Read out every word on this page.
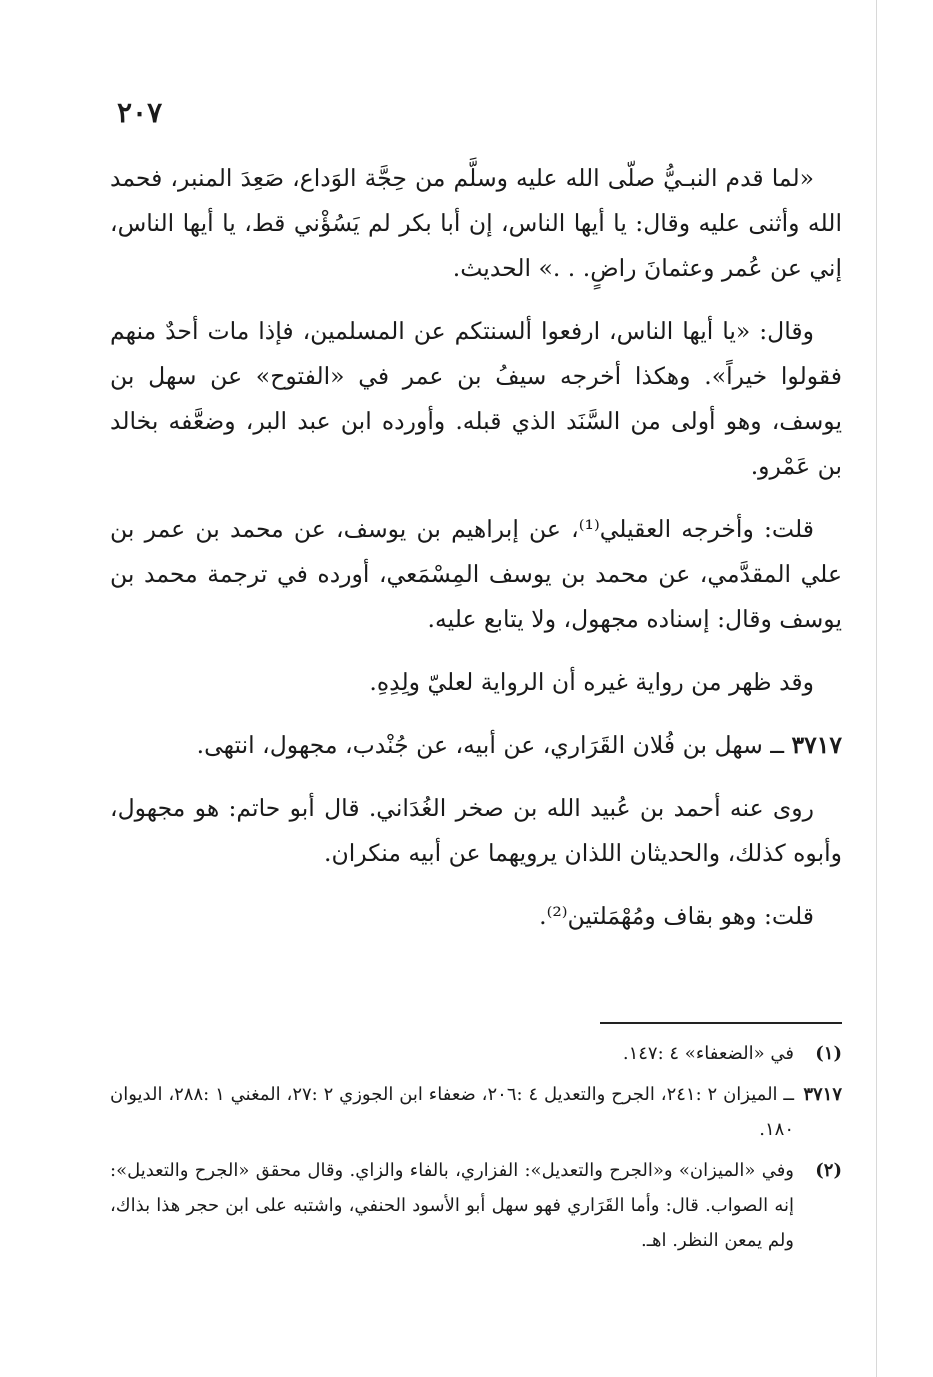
٢٠٧

«لما قدم النبـيُّ صلّى الله عليه وسلَّم من حِجَّة الوَداع، صَعِدَ المنبر، فحمد الله وأثنى عليه وقال: يا أيها الناس، إن أبا بكر لم يَسُؤْني قط، يا أيها الناس، إني عن عُمر وعثمانَ راضٍ. . .» الحديث.

وقال: «يا أيها الناس، ارفعوا ألسنتكم عن المسلمين، فإذا مات أحدٌ منهم فقولوا خيراً». وهكذا أخرجه سيفُ بن عمر في «الفتوح» عن سهل بن يوسف، وهو أولى من السَّنَد الذي قبله. وأورده ابن عبد البر، وضعَّفه بخالد بن عَمْرو.

قلت: وأخرجه العقيلي⁽¹⁾، عن إبراهيم بن يوسف، عن محمد بن عمر بن علي المقدَّمي، عن محمد بن يوسف المِسْمَعي، أورده في ترجمة محمد بن يوسف وقال: إسناده مجهول، ولا يتابع عليه.

وقد ظهر من رواية غيره أن الرواية لعليّ ولِدِهِ.

٣٧١٧ ــ سهل بن فُلان القَرَاري، عن أبيه، عن جُنْدب، مجهول، انتهى.

روى عنه أحمد بن عُبيد الله بن صخر الغُدَاني. قال أبو حاتم: هو مجهول، وأبوه كذلك، والحديثان اللذان يرويهما عن أبيه منكران.

قلت: وهو بقاف ومُهْمَلتين⁽²⁾.

(١)
في «الضعفاء» ٤ :١٤٧.
٣٧١٧
ــ الميزان ٢ :٢٤١، الجرح والتعديل ٤ :٢٠٦، ضعفاء ابن الجوزي ٢ :٢٧، المغني ١ :٢٨٨، الديوان ١٨٠.
(٢)
وفي «الميزان» و«الجرح والتعديل»: الفزاري، بالفاء والزاي. وقال محقق «الجرح والتعديل»: إنه الصواب. قال: وأما القَرَاري فهو سهل أبو الأسود الحنفي، واشتبه على ابن حجر هذا بذاك، ولم يمعن النظر. اهـ.
